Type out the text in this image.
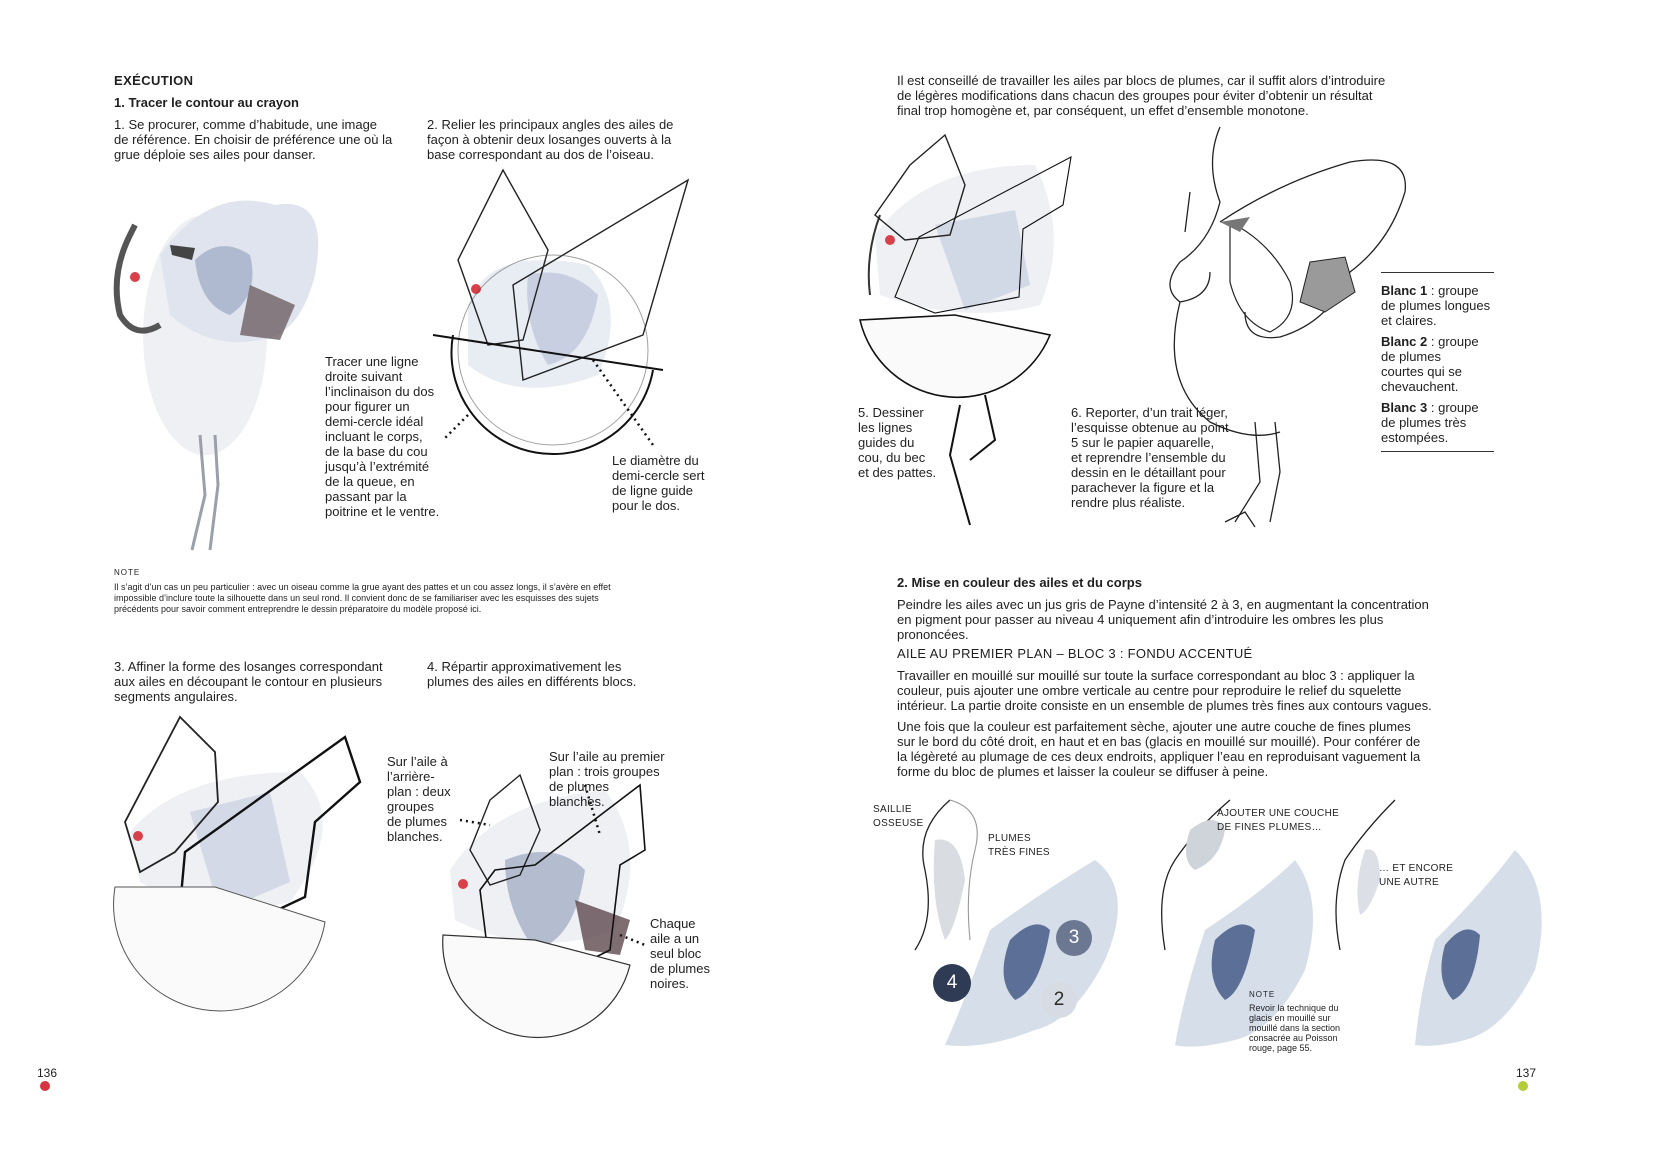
EXÉCUTION
1. Tracer le contour au crayon
1. Se procurer, comme d’habitude, une image
de référence. En choisir de préférence une où la
grue déploie ses ailes pour danser.
2. Relier les principaux angles des ailes de
façon à obtenir deux losanges ouverts à la
base correspondant au dos de l’oiseau.
Tracer une ligne
droite suivant
l’inclinaison du dos
pour figurer un
demi-cercle idéal
incluant le corps,
de la base du cou
jusqu’à l’extrémité
de la queue, en
passant par la
poitrine et le ventre.
Le diamètre du
demi-cercle sert
de ligne guide
pour le dos.
NOTE
Il s’agit d’un cas un peu particulier : avec un oiseau comme la grue ayant des pattes et un cou assez longs, il s’avère en effet
impossible d’inclure toute la silhouette dans un seul rond. Il convient donc de se familiariser avec les esquisses des sujets
précédents pour savoir comment entreprendre le dessin préparatoire du modèle proposé ici.
3. Affiner la forme des losanges correspondant
aux ailes en découpant le contour en plusieurs
segments angulaires.
4. Répartir approximativement les
plumes des ailes en différents blocs.
Sur l’aile à
l’arrière-
plan : deux
groupes
de plumes
blanches.
Sur l’aile au premier
plan : trois groupes
de plumes
blanches.
Chaque
aile a un
seul bloc
de plumes
noires.
136
Il est conseillé de travailler les ailes par blocs de plumes, car il suffit alors d’introduire
de légères modifications dans chacun des groupes pour éviter d’obtenir un résultat
final trop homogène et, par conséquent, un effet d’ensemble monotone.
5. Dessiner
les lignes
guides du
cou, du bec
et des pattes.
6. Reporter, d’un trait léger,
l’esquisse obtenue au point
5 sur le papier aquarelle,
et reprendre l’ensemble du
dessin en le détaillant pour
parachever la figure et la
rendre plus réaliste.
Blanc 1 : groupe
de plumes longues
et claires.
Blanc 2 : groupe
de plumes
courtes qui se
chevauchent.
Blanc 3 : groupe
de plumes très
estompées.
2. Mise en couleur des ailes et du corps
Peindre les ailes avec un jus gris de Payne d’intensité 2 à 3, en augmentant la concentration
en pigment pour passer au niveau 4 uniquement afin d’introduire les ombres les plus
prononcées.
AILE AU PREMIER PLAN – BLOC 3 : FONDU ACCENTUÉ
Travailler en mouillé sur mouillé sur toute la surface correspondant au bloc 3 : appliquer la
couleur, puis ajouter une ombre verticale au centre pour reproduire le relief du squelette
intérieur. La partie droite consiste en un ensemble de plumes très fines aux contours vagues.
Une fois que la couleur est parfaitement sèche, ajouter une autre couche de fines plumes
sur le bord du côté droit, en haut et en bas (glacis en mouillé sur mouillé). Pour conférer de
la légèreté au plumage de ces deux endroits, appliquer l’eau en reproduisant vaguement la
forme du bloc de plumes et laisser la couleur se diffuser à peine.
SAILLIE
OSSEUSE
PLUMES
TRÈS FINES
AJOUTER UNE COUCHE
DE FINES PLUMES…
… ET ENCORE
UNE AUTRE
4
3
2	NOTE
Revoir la technique du
glacis en mouillé sur
mouillé dans la section
consacrée au Poisson
rouge, page 55.
137
